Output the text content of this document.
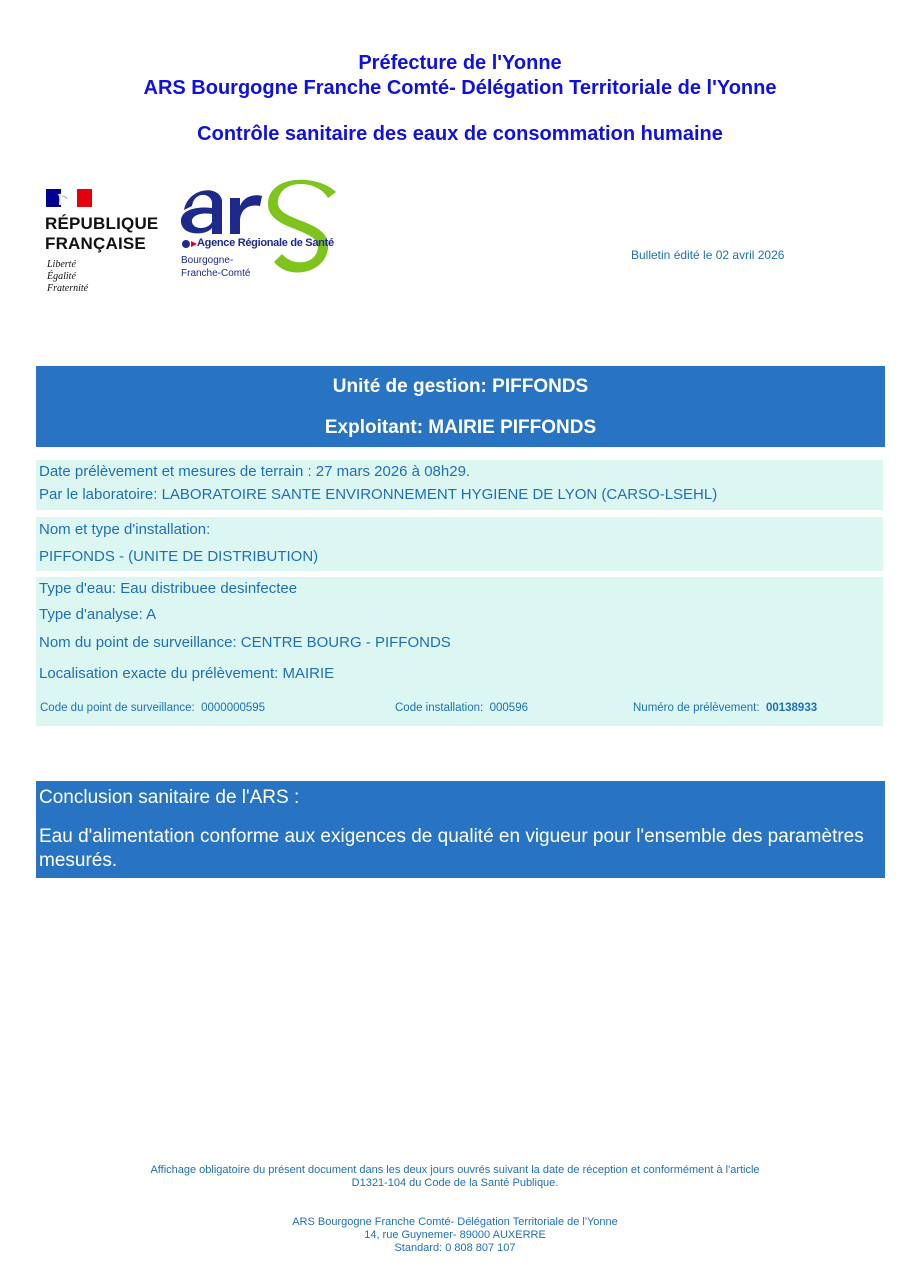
Préfecture de l'Yonne
ARS Bourgogne Franche Comté- Délégation Territoriale de l'Yonne
Contrôle sanitaire des eaux de consommation humaine
RÉPUBLIQUE
FRANÇAISE
Liberté
Égalité
Fraternité
Agence Régionale de Santé
Bourgogne-
Franche-Comté
Bulletin édité le 02 avril 2026
Unité de gestion: PIFFONDS
Exploitant: MAIRIE PIFFONDS
Date prélèvement et mesures de terrain : 27 mars 2026 à 08h29.
Par le laboratoire: LABORATOIRE SANTE ENVIRONNEMENT HYGIENE DE LYON (CARSO-LSEHL)
Nom et type d'installation:
PIFFONDS - (UNITE DE DISTRIBUTION)
Type d'eau: Eau distribuee desinfectee
Type d'analyse: A
Nom du point de surveillance: CENTRE BOURG - PIFFONDS
Localisation exacte du prélèvement: MAIRIE
Code du point de surveillance: 0000000595	Code installation: 000596	Numéro de prélèvement: 00138933
Conclusion sanitaire de l'ARS :
Eau d'alimentation conforme aux exigences de qualité en vigueur pour l'ensemble des paramètres mesurés.
Affichage obligatoire du présent document dans les deux jours ouvrés suivant la date de réception et conformément à l'article
D1321-104 du Code de la Santé Publique.
ARS Bourgogne Franche Comté- Délégation Territoriale de l'Yonne
14, rue Guynemer- 89000 AUXERRE
Standard: 0 808 807 107
